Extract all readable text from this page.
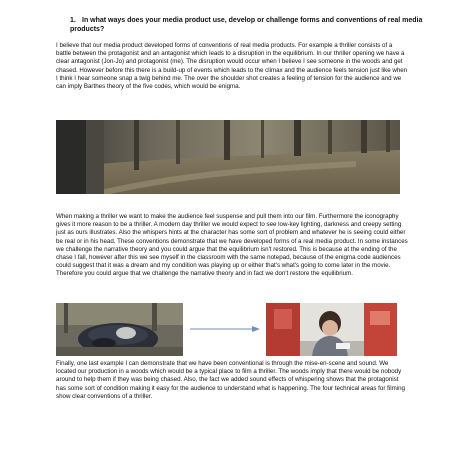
1. In what ways does your media product use, develop or challenge forms and conventions of real media products?

I believe that our media product developed forms of conventions of real media products. For example a thriller consists of a battle between the protagonist and an antagonist which leads to a disruption in the equilibrium. In our thriller opening we have a clear antagonist (Jon-Jo) and protagonist (me). The disruption would occur when I believe I see someone in the woods and get chased. However before this there is a build-up of events which leads to the climax and the audience feels tension just like when I think I hear someone snap a twig behind me. The over the shoulder shot creates a feeling of tension for the audience and we can imply Barthes theory of the five codes, which would be enigma.

When making a thriller we want to make the audience feel suspense and pull them into our film. Furthermore the iconography gives it more reason to be a thriller. A modern day thriller we would expect to see low-key lighting, darkness and creepy setting just as ours illustrates. Also the whispers hints at the character has some sort of problem and whatever he is seeing could either be real or in his head. These conventions demonstrate that we have developed forms of a real media product. In some instances we challenge the narrative theory and you could argue that the equilibrium isn't restored. This is because at the ending of the chase I fall, however after this we see myself in the classroom with the same notepad, because of the enigma code audiences could suggest that it was a dream and my condition was playing up or either that's what's going to come later in the movie. Therefore you could argue that we challenge the narrative theory and in fact we don't restore the equilibrium.

Finally, one last example I can demonstrate that we have been conventional is through the mise-en-scene and sound. We located our production in a woods which would be a typical place to film a thriller. The woods imply that there would be nobody around to help them if they was being chased. Also, the fact we added sound effects of whispering shows that the protagonist has some sort of condition making it easy for the audience to understand what is happening. The four technical areas for filming show clear conventions of a thriller.
